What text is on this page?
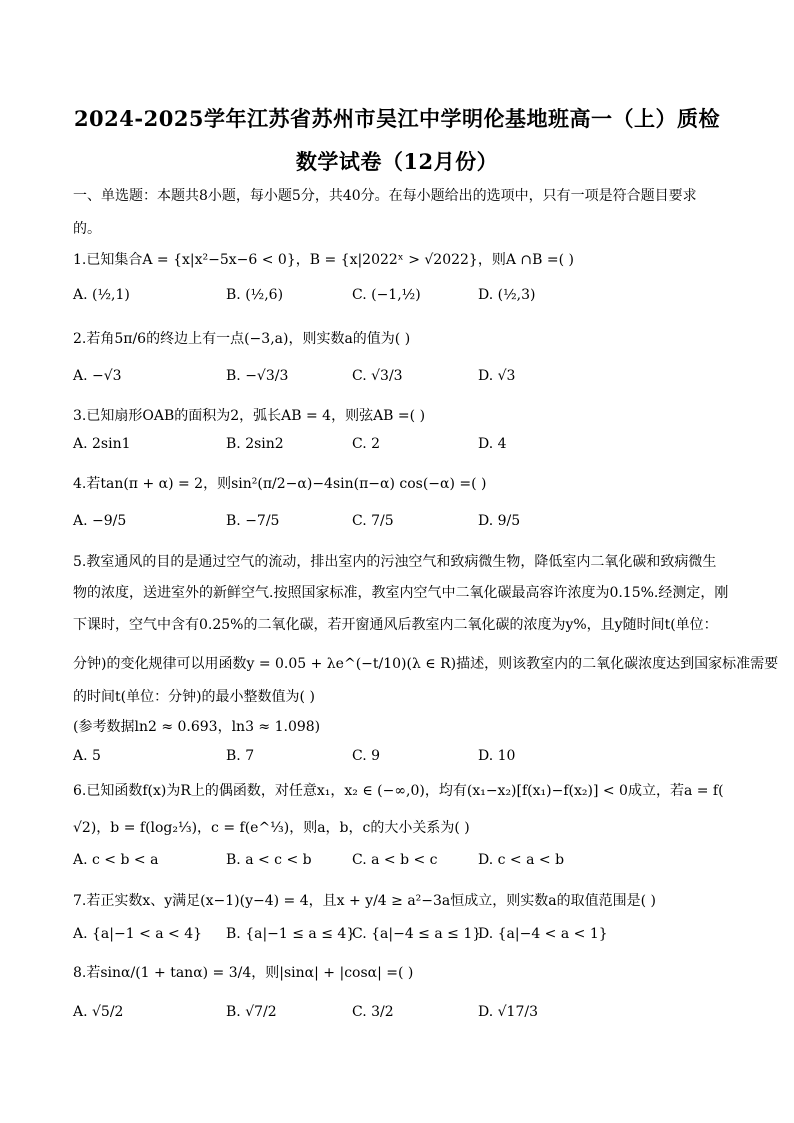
2024-2025学年江苏省苏州市吴江中学明伦基地班高一（上）质检
数学试卷（12月份）
一、单选题：本题共8小题，每小题5分，共40分。在每小题给出的选项中，只有一项是符合题目要求的。
1.已知集合A = {x|x²−5x−6 < 0}，B = {x|2022ˣ > √2022}，则A ∩B =( )
A. (½,1)	B. (½,6)	C. (−1,½)	D. (½,3)
2.若角5π/6的终边上有一点(−3,a)，则实数a的值为( )
A. −√3	B. −√3/3	C. √3/3	D. √3
3.已知扇形OAB的面积为2，弧长AB = 4，则弦AB =( )
A. 2sin1	B. 2sin2	C. 2	D. 4
4.若tan(π + α) = 2，则sin²(π/2−α)−4sin(π−α) cos(−α) =( )
A. −9/5	B. −7/5	C. 7/5	D. 9/5
5.教室通风的目的是通过空气的流动，排出室内的污浊空气和致病微生物，降低室内二氧化碳和致病微生
物的浓度，送进室外的新鲜空气.按照国家标准，教室内空气中二氧化碳最高容许浓度为0.15%.经测定，刚
下课时，空气中含有0.25%的二氧化碳，若开窗通风后教室内二氧化碳的浓度为y%，且y随时间t(单位：
分钟)的变化规律可以用函数y = 0.05 + λe^(−t/10)(λ ∈ R)描述，则该教室内的二氧化碳浓度达到国家标准需要
的时间t(单位：分钟)的最小整数值为( )
(参考数据ln2 ≈ 0.693，ln3 ≈ 1.098)
A. 5	B. 7	C. 9	D. 10
6.已知函数f(x)为R上的偶函数，对任意x₁，x₂ ∈ (−∞,0)，均有(x₁−x₂)[f(x₁)−f(x₂)] < 0成立，若a = f(
√2)，b = f(log₂⅓)，c = f(e^⅓)，则a，b，c的大小关系为( )
A. c < b < a	B. a < c < b	C. a < b < c	D. c < a < b
7.若正实数x、y满足(x−1)(y−4) = 4，且x + y/4 ≥ a²−3a恒成立，则实数a的取值范围是( )
A. {a|−1 < a < 4} B. {a|−1 ≤ a ≤ 4}
C. {a|−4 ≤ a ≤ 1}
D. {a|−4 < a < 1}
8.若sinα/(1 + tanα) = 3/4，则|sinα| + |cosα| =( )
A. √5/2	B. √7/2	C. 3/2	D. √17/3
